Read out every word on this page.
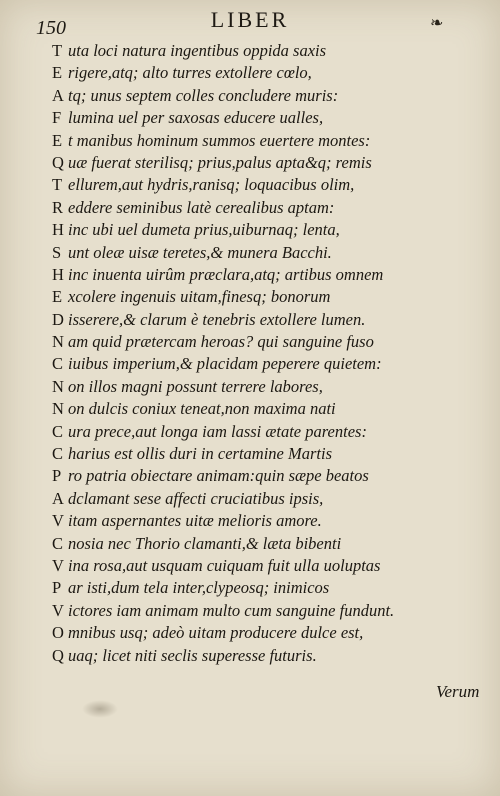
150	LIBER	❧
T uta loci natura ingentibus oppida saxis
E rigere,atq; alto turres extollere cœlo,
A tq; unus septem colles concludere muris:
F lumina uel per saxosas educere ualles,
E t manibus hominum summos euertere montes:
Q uæ fuerat sterilisq; prius,palus apta&q; remis
T ellurem,aut hydris,ranisq; loquacibus olim,
R eddere seminibus latè cerealibus aptam:
H inc ubi uel dumeta prius,uiburnaq; lenta,
S unt oleæ uisæ teretes,& munera Bacchi.
H inc inuenta uirûm præclara,atq; artibus omnem
E xcolere ingenuis uitam,finesq; bonorum
D isserere,& clarum è tenebris extollere lumen.
N am quid prætercam heroas? qui sanguine fuso
C iuibus imperium,& placidam peperere quietem:
N on illos magni possunt terrere labores,
N on dulcis coniux teneat,non maxima nati
C ura prece,aut longa iam lassi ætate parentes:
C harius est ollis duri in certamine Martis
P ro patria obiectare animam:quin sæpe beatos
A dclamant sese affecti cruciatibus ipsis,
V itam aspernantes uitæ melioris amore.
C nosia nec Thorio clamanti,& læta bibenti
V ina rosa,aut usquam cuiquam fuit ulla uoluptas
P ar isti,dum tela inter,clypeosq; inimicos
V ictores iam animam multo cum sanguine fundunt.
O mnibus usq; adeò uitam producere dulce est,
Q uaq; licet niti seclis superesse futuris.
Verum
